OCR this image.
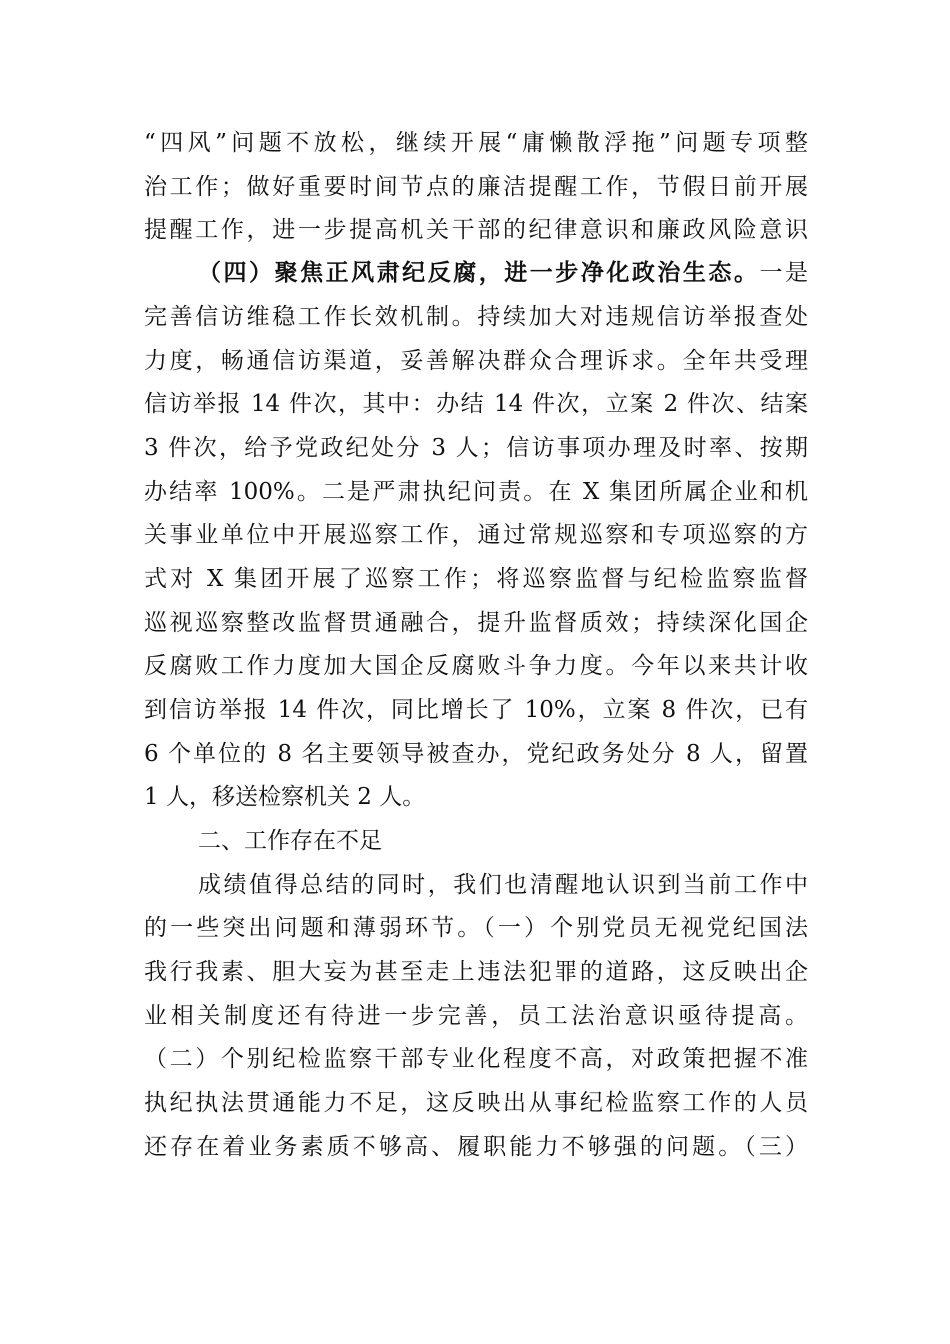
“四风”问题不放松，继续开展“庸懒散浮拖”问题专项整
治工作；做好重要时间节点的廉洁提醒工作，节假日前开展
提醒工作，进一步提高机关干部的纪律意识和廉政风险意识
（四）聚焦正风肃纪反腐，进一步净化政治生态。一是
完善信访维稳工作长效机制。持续加大对违规信访举报查处
力度，畅通信访渠道，妥善解决群众合理诉求。全年共受理
信访举报 14 件次，其中：办结 14 件次，立案 2 件次、结案
3 件次，给予党政纪处分 3 人；信访事项办理及时率、按期
办结率 100%。二是严肃执纪问责。在 X 集团所属企业和机
关事业单位中开展巡察工作，通过常规巡察和专项巡察的方
式对 X 集团开展了巡察工作；将巡察监督与纪检监察监督
巡视巡察整改监督贯通融合，提升监督质效；持续深化国企
反腐败工作力度加大国企反腐败斗争力度。今年以来共计收
到信访举报 14 件次，同比增长了 10%，立案 8 件次，已有
6 个单位的 8 名主要领导被查办，党纪政务处分 8 人，留置
1 人，移送检察机关 2 人。
二、工作存在不足
成绩值得总结的同时，我们也清醒地认识到当前工作中
的一些突出问题和薄弱环节。（一）个别党员无视党纪国法
我行我素、胆大妄为甚至走上违法犯罪的道路，这反映出企
业相关制度还有待进一步完善，员工法治意识亟待提高。
（二）个别纪检监察干部专业化程度不高，对政策把握不准
执纪执法贯通能力不足，这反映出从事纪检监察工作的人员
还存在着业务素质不够高、履职能力不够强的问题。（三）
